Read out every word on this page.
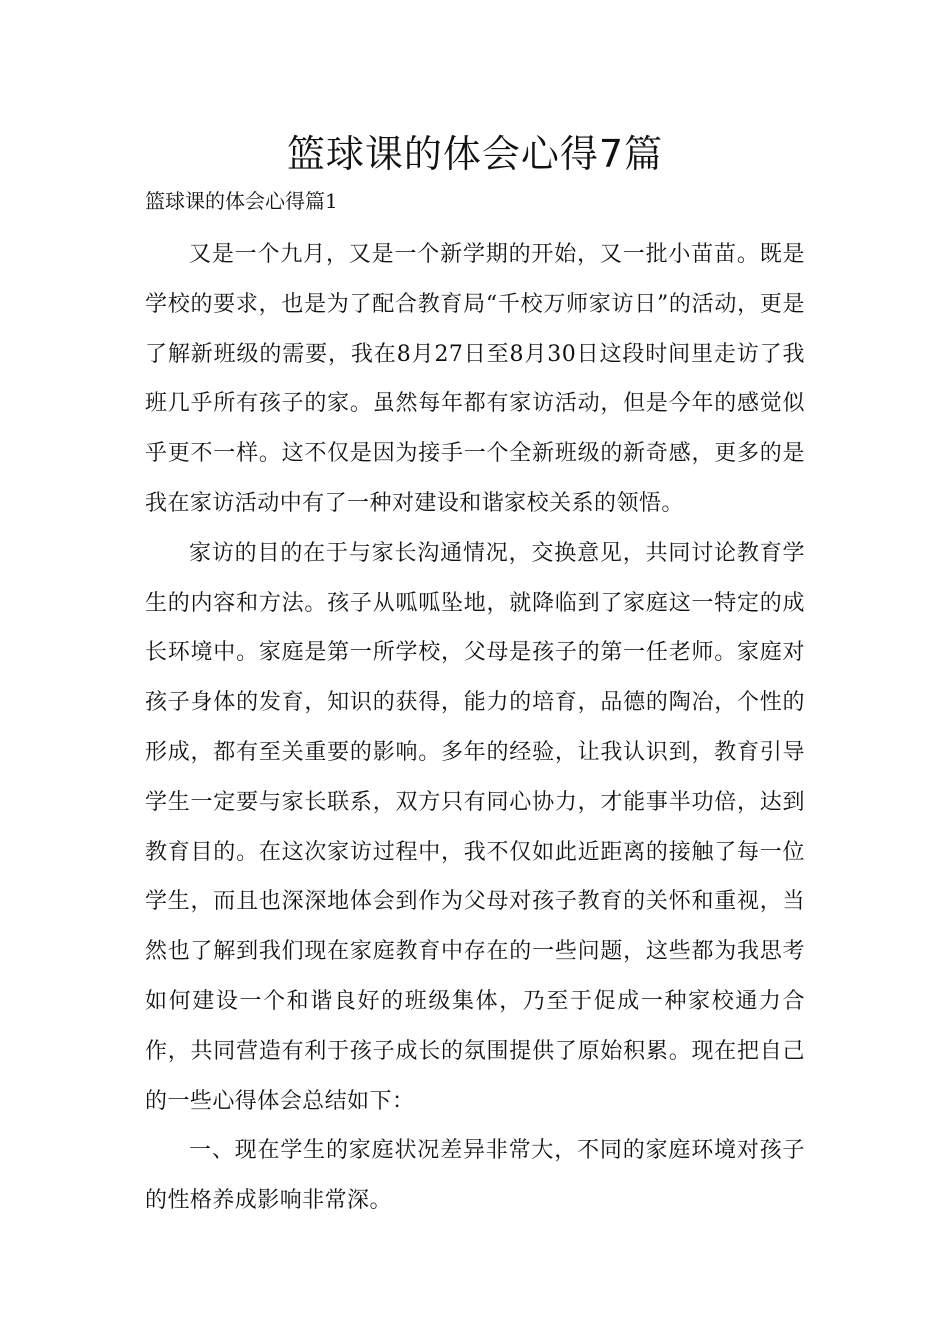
篮球课的体会心得7篇
篮球课的体会心得篇1

又是一个九月，又是一个新学期的开始，又一批小苗苗。既是学校的要求，也是为了配合教育局“千校万师家访日”的活动，更是了解新班级的需要，我在8月27日至8月30日这段时间里走访了我班几乎所有孩子的家。虽然每年都有家访活动，但是今年的感觉似乎更不一样。这不仅是因为接手一个全新班级的新奇感，更多的是我在家访活动中有了一种对建设和谐家校关系的领悟。

家访的目的在于与家长沟通情况，交换意见，共同讨论教育学生的内容和方法。孩子从呱呱坠地，就降临到了家庭这一特定的成长环境中。家庭是第一所学校，父母是孩子的第一任老师。家庭对孩子身体的发育，知识的获得，能力的培育，品德的陶冶，个性的形成，都有至关重要的影响。多年的经验，让我认识到，教育引导学生一定要与家长联系，双方只有同心协力，才能事半功倍，达到教育目的。在这次家访过程中，我不仅如此近距离的接触了每一位学生，而且也深深地体会到作为父母对孩子教育的关怀和重视，当然也了解到我们现在家庭教育中存在的一些问题，这些都为我思考如何建设一个和谐良好的班级集体，乃至于促成一种家校通力合作，共同营造有利于孩子成长的氛围提供了原始积累。现在把自己的一些心得体会总结如下：

一、现在学生的家庭状况差异非常大，不同的家庭环境对孩子的性格养成影响非常深。
